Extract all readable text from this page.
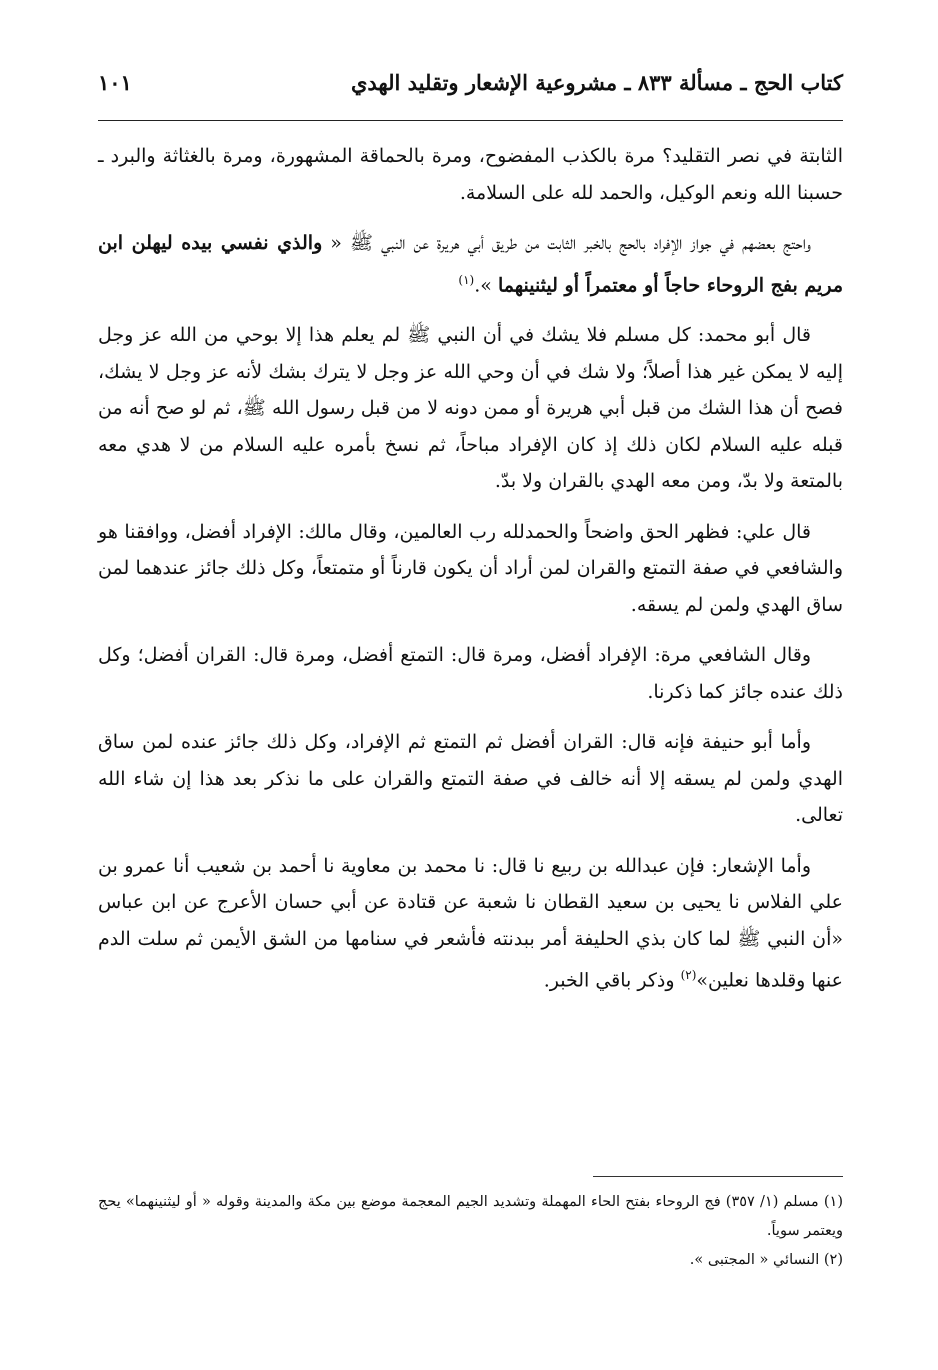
كتاب الحج ـ مسألة ٨٣٣ ـ مشروعية الإشعار وتقليد الهدي
١٠١

الثابتة في نصر التقليد؟ مرة بالكذب المفضوح، ومرة بالحماقة المشهورة، ومرة بالغثاثة والبرد ـ حسبنا الله ونعم الوكيل، والحمد لله على السلامة.

واحتج بعضهم في جواز الإفراد بالحج بالخبر الثابت من طريق أبي هريرة عن النبي ﷺ « والذي نفسي بيده ليهلن ابن مريم بفج الروحاء حاجاً أو معتمراً أو ليثنينهما ».$^{(١)}$

قال أبو محمد: كل مسلم فلا يشك في أن النبي ﷺ لم يعلم هذا إلا بوحي من الله عز وجل إليه لا يمكن غير هذا أصلاً؛ ولا شك في أن وحي الله عز وجل لا يترك بشك لأنه عز وجل لا يشك، فصح أن هذا الشك من قبل أبي هريرة أو ممن دونه لا من قبل رسول الله ﷺ، ثم لو صح أنه من قبله عليه السلام لكان ذلك إذ كان الإفراد مباحاً، ثم نسخ بأمره عليه السلام من لا هدي معه بالمتعة ولا بدّ، ومن معه الهدي بالقران ولا بدّ.

قال علي: فظهر الحق واضحاً والحمدلله رب العالمين، وقال مالك: الإفراد أفضل، ووافقنا هو والشافعي في صفة التمتع والقران لمن أراد أن يكون قارناً أو متمتعاً، وكل ذلك جائز عندهما لمن ساق الهدي ولمن لم يسقه.

وقال الشافعي مرة: الإفراد أفضل، ومرة قال: التمتع أفضل، ومرة قال: القران أفضل؛ وكل ذلك عنده جائز كما ذكرنا.

وأما أبو حنيفة فإنه قال: القران أفضل ثم التمتع ثم الإفراد، وكل ذلك جائز عنده لمن ساق الهدي ولمن لم يسقه إلا أنه خالف في صفة التمتع والقران على ما نذكر بعد هذا إن شاء الله تعالى.

وأما الإشعار: فإن عبدالله بن ربيع نا قال: نا محمد بن معاوية نا أحمد بن شعيب أنا عمرو بن علي الفلاس نا يحيى بن سعيد القطان نا شعبة عن قتادة عن أبي حسان الأعرج عن ابن عباس «أن النبي ﷺ لما كان بذي الحليفة أمر ببدنته فأشعر في سنامها من الشق الأيمن ثم سلت الدم عنها وقلدها نعلين»$^{(٢)}$ وذكر باقي الخبر.

(١) مسلم (١/ ٣٥٧) فج الروحاء بفتح الحاء المهملة وتشديد الجيم المعجمة موضع بين مكة والمدينة وقوله « أو ليثنينهما» يحج ويعتمر سوياً.

(٢) النسائي « المجتبى ».
